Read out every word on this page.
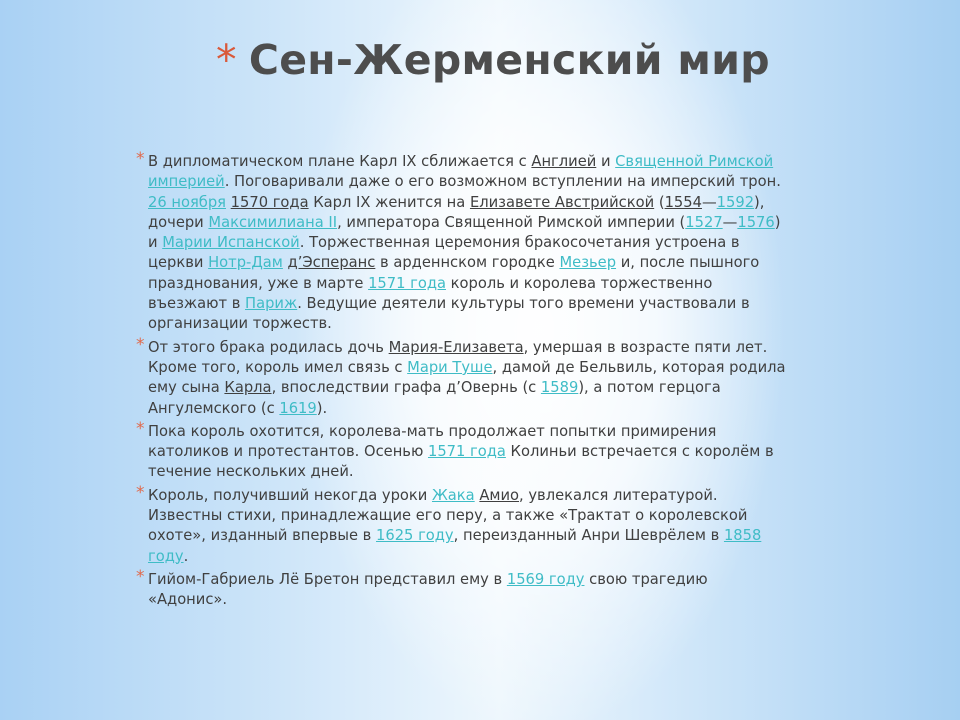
* Сен-Жерменский мир
* В дипломатическом плане Карл IX сближается с Англией и Священной Римской империей. Поговаривали даже о его возможном вступлении на имперский трон. 26 ноября 1570 года Карл IX женится на Елизавете Австрийской (1554—1592), дочери Максимилиана II, императора Священной Римской империи (1527—1576) и Марии Испанской. Торжественная церемония бракосочетания устроена в церкви Нотр-Дам д’Эсперанс в арденнском городке Мезьер и, после пышного празднования, уже в марте 1571 года король и королева торжественно въезжают в Париж. Ведущие деятели культуры того времени участвовали в организации торжеств.
* От этого брака родилась дочь Мария-Елизавета, умершая в возрасте пяти лет. Кроме того, король имел связь с Мари Туше, дамой де Бельвиль, которая родила ему сына Карла, впоследствии графа д’Овернь (с 1589), а потом герцога Ангулемского (с 1619).
* Пока король охотится, королева-мать продолжает попытки примирения католиков и протестантов. Осенью 1571 года Колиньи встречается с королём в течение нескольких дней.
* Король, получивший некогда уроки Жака Амио, увлекался литературой. Известны стихи, принадлежащие его перу, а также «Трактат о королевской охоте», изданный впервые в 1625 году, переизданный Анри Шеврёлем в 1858 году.
* Гийом-Габриель Лё Бретон представил ему в 1569 году свою трагедию «Адонис».
